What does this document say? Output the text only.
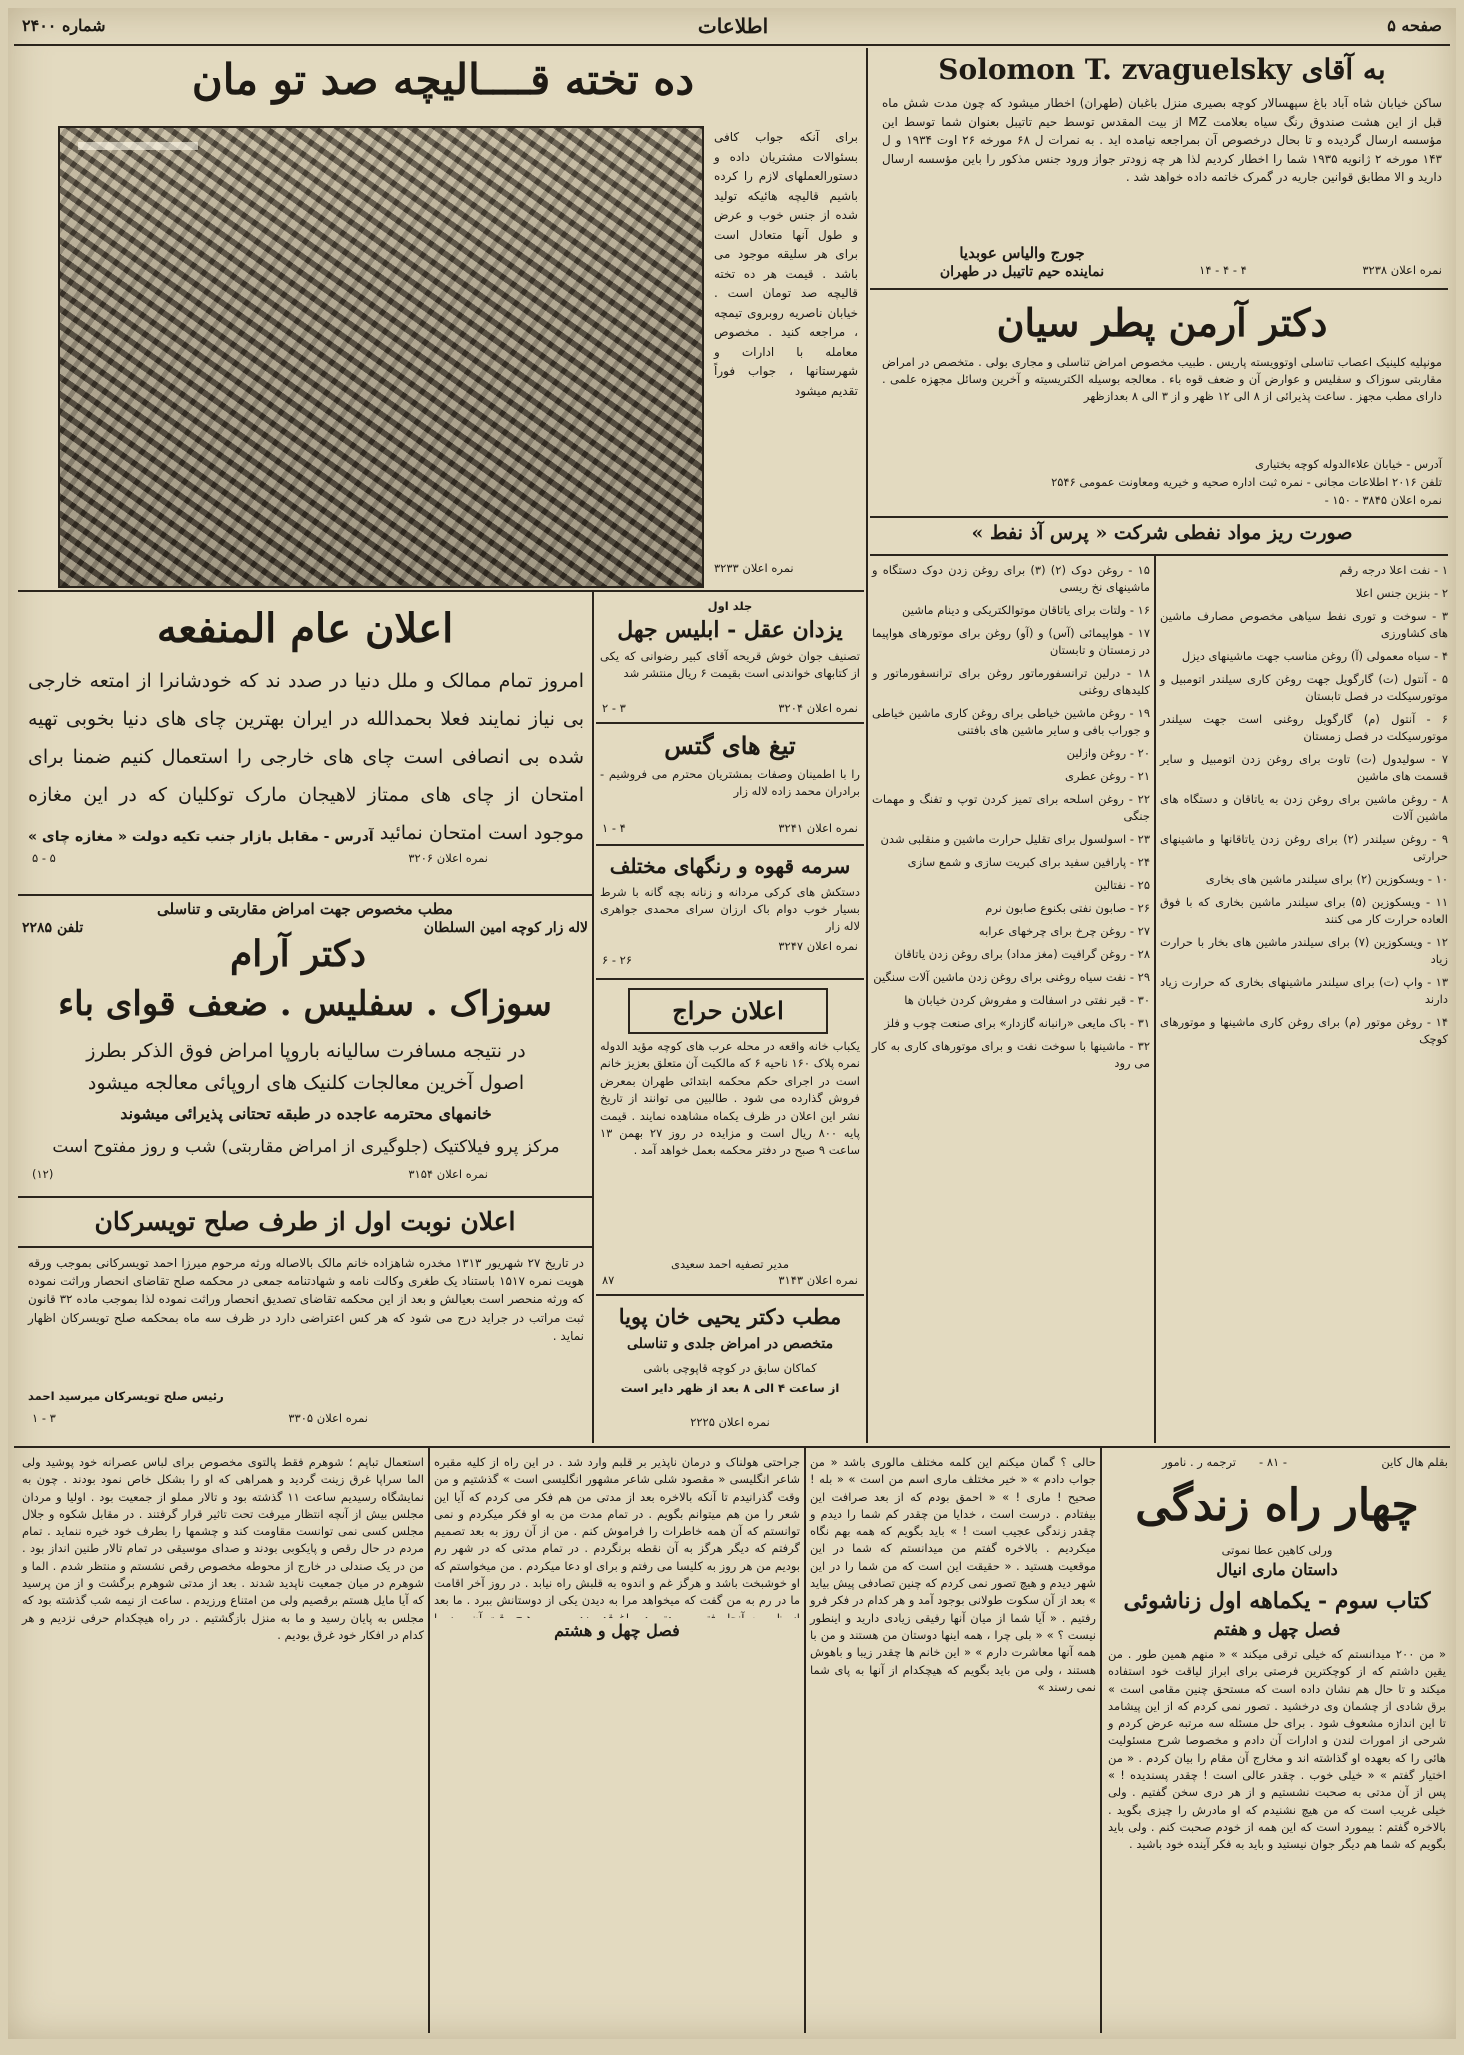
صفحه ۵
اطلاعات
شماره ۲۴۰۰
ده تخته قــــالیچه صد تو مان
برای آنکه جواب کافی بسئوالات مشتریان داده و دستورالعملهای لازم را کرده باشیم قالیچه هائیکه تولید شده از جنس خوب و عرض و طول آنها متعادل است برای هر سلیقه موجود می باشد . قیمت هر ده تخته قالیچه صد تومان است . خیابان ناصریه روبروی تیمچه ، مراجعه کنید . مخصوص معامله با ادارات و شهرستانها ، جواب فوراً تقدیم میشود
نمره اعلان ۳۲۳۳
به آقای Solomon T. zvaguelsky
ساکن خیابان شاه آباد باغ سپهسالار کوچه بصیری منزل باغبان (طهران) اخطار میشود که چون مدت شش ماه قبل از این هشت صندوق رنگ سیاه بعلامت MZ از بیت المقدس توسط حیم تاتیبل بعنوان شما توسط این مؤسسه ارسال گردیده و تا بحال درخصوص آن بمراجعه نیامده اید . به نمرات ل ۶۸ مورخه ۲۶ اوت ۱۹۳۴ و ل ۱۴۳ مورخه ۲ ژانویه ۱۹۳۵ شما را اخطار کردیم لذا هر چه زودتر جواز ورود جنس مذکور را باین مؤسسه ارسال دارید و الا مطابق قوانین جاریه در گمرک خاتمه داده خواهد شد .
جورج والیاس عوبدیا
نماینده حیم تاتیبل در طهران	۱۴ - ۴ - ۴	نمره اعلان ۳۲۳۸
دکتر آرمن پطر سیان
مونپلیه کلینیک اعصاب تناسلی اوتوویسته پاریس . طبیب مخصوص امراض تناسلی و مجاری بولی . متخصص در امراض مقاربتی سوزاک و سفلیس و عوارض آن و ضعف قوه باء . معالجه بوسیله الکتریسیته و آخرین وسائل مجهزه علمی . دارای مطب مجهز . ساعت پذیرائی از ۸ الی ۱۲ ظهر و از ۳ الی ۸ بعدازظهر
آدرس - خیابان علاءالدوله کوچه بختیاری
تلفن ۲۰۱۶ اطلاعات مجانی - نمره ثبت اداره صحیه و خیریه ومعاونت عمومی ۲۵۴۶
نمره اعلان ۳۸۴۵ - ۱۵۰ -
صورت ریز مواد نفطی شرکت « پرس آذ نفط »
۱ - نفت اعلا درجه رقم
۲ - بنزین جنس اعلا
۳ - سوخت و توری نفط سیاهی مخصوص مصارف ماشین های کشاورزی
۴ - سیاه معمولی (آ) روغن مناسب جهت ماشینهای دیزل
۵ - آنتول (ت) گارگویل جهت روغن کاری سیلندر اتومبیل و موتورسیکلت در فصل تابستان
۶ - آنتول (م) گارگویل روغنی است جهت سیلندر موتورسیکلت در فصل زمستان
۷ - سولیدول (ت) تاوت برای روغن زدن اتومبیل و سایر قسمت های ماشین
۸ - روغن ماشین برای روغن زدن به یاتاقان و دستگاه های ماشین آلات
۹ - روغن سیلندر (۲) برای روغن زدن یاتاقانها و ماشینهای حرارتی
۱۰ - ویسکوزین (۲) برای سیلندر ماشین های بخاری
۱۱ - ویسکوزین (۵) برای سیلندر ماشین بخاری که با فوق العاده حرارت کار می کنند
۱۲ - ویسکوزین (۷) برای سیلندر ماشین های بخار با حرارت زیاد
۱۳ - واپ (ت) برای سیلندر ماشینهای بخاری که حرارت زیاد دارند
۱۴ - روغن موتور (م) برای روغن کاری ماشینها و موتورهای کوچک
۱۵ - روغن دوک (۲) (۳) برای روغن زدن دوک دستگاه و ماشینهای نخ ریسی
۱۶ - ولتات برای یاتاقان موتوالکتریکی و دینام ماشین
۱۷ - هواپیمائی (آس) و (آو) روغن برای موتورهای هواپیما در زمستان و تابستان
۱۸ - درلین ترانسفورماتور روغن برای ترانسفورماتور و کلیدهای روغنی
۱۹ - روغن ماشین خیاطی برای روغن کاری ماشین خیاطی و جوراب بافی و سایر ماشین های بافتنی
۲۰ - روغن وازلین
۲۱ - روغن عطری
۲۲ - روغن اسلحه برای تمیز کردن توپ و تفنگ و مهمات جنگی
۲۳ - اسولسول برای تقلیل حرارت ماشین و منقلبی شدن
۲۴ - پارافین سفید برای کبریت سازی و شمع سازی
۲۵ - نفتالین
۲۶ - صابون نفتی بکنوع صابون نرم
۲۷ - روغن چرخ برای چرخهای عرابه
۲۸ - روغن گرافیت (مغز مداد) برای روغن زدن یاتاقان
۲۹ - نفت سیاه روغنی برای روغن زدن ماشین آلات سنگین
۳۰ - قیر نفتی در اسفالت و مفروش کردن خیابان ها
۳۱ - باک مایعی «رانبانه گازدار» برای صنعت چوب و فلز
۳۲ - ماشینها با سوخت نفت و برای موتورهای کاری به کار می رود
جلد اول
یزدان عقل - ابلیس جهل
تصنیف جوان خوش قریحه آقای کبیر رضوانی که یکی از کتابهای خواندنی است بقیمت ۶ ریال منتشر شد
نمره اعلان ۳۲۰۴
۲ - ۳
تیغ های گتس
را با اطمینان وصفات بمشتریان محترم می فروشیم - برادران محمد زاده لاله زار
نمره اعلان ۳۲۴۱
۱ - ۴
سرمه قهوه و رنگهای مختلف
دستکش های کرکی مردانه و زنانه بچه گانه با شرط بسیار خوب دوام باک ارزان سرای محمدی جواهری لاله زار
نمره اعلان ۳۲۴۷
۶ - ۲۶
اعلان حراج
یکباب خانه واقعه در محله عرب های کوچه مؤید الدوله نمره پلاک ۱۶۰ ناحیه ۶ که مالکیت آن متعلق بعزیز خانم است در اجرای حکم محکمه ابتدائی طهران بمعرض فروش گذارده می شود . طالبین می توانند از تاریخ نشر این اعلان در ظرف یکماه مشاهده نمایند . قیمت پایه ۸۰۰ ریال است و مزایده در روز ۲۷ بهمن ۱۳ ساعت ۹ صبح در دفتر محکمه بعمل خواهد آمد .
مدیر تصفیه احمد سعیدی
نمره اعلان ۳۱۴۳
۸۷
مطب دکتر یحیی خان پویا
متخصص در امراض جلدی و تناسلی
کماکان سابق در کوچه قاپوچی باشی
از ساعت ۴ الی ۸ بعد از ظهر دایر است
نمره اعلان ۲۲۲۵
اعلان عام المنفعه
امروز تمام ممالک و ملل دنیا در صدد ند که خودشانرا از امتعه خارجی بی نیاز نمایند فعلا بحمدالله در ایران بهترین چای های دنیا بخوبی تهیه شده بی انصافی است چای های خارجی را استعمال کنیم ضمنا برای امتحان از چای های ممتاز لاهیجان مارک توکلیان که در این مغازه موجود است امتحان نمائید .
آدرس - مقابل بازار جنب تکیه دولت « مغازه چای »
نمره اعلان ۳۲۰۶
۵ - ۵
مطب مخصوص جهت امراض مقاربتی و تناسلی
لاله زار کوچه امین السلطان
تلفن ۲۲۸۵
دکتر آرام
سوزاک . سفلیس . ضعف قوای باء
در نتیجه مسافرت سالیانه باروپا امراض فوق الذکر بطرز
اصول آخرین معالجات کلنیک های اروپائی معالجه میشود
خانمهای محترمه عاجده در طبقه تحتانی پذیرائی میشوند
مرکز پرو فیلاکتیک (جلوگیری از امراض مقاربتی) شب و روز مفتوح است
نمره اعلان ۳۱۵۴
(۱۲)
اعلان نوبت اول از طرف صلح تویسرکان
در تاریخ ۲۷ شهریور ۱۳۱۳ مخدره شاهزاده خانم مالک بالاصاله ورثه مرحوم میرزا احمد تویسرکانی بموجب ورقه هویت نمره ۱۵۱۷ باستناد یک طغری وکالت نامه و شهادتنامه جمعی در محکمه صلح تقاضای انحصار وراثت نموده که ورثه منحصر است بعیالش و بعد از این محکمه تقاضای تصدیق انحصار وراثت نموده لذا بموجب ماده ۳۲ قانون ثبت مراتب در جراید درج می شود که هر کس اعتراضی دارد در ظرف سه ماه بمحکمه صلح تویسرکان اظهار نماید .
رئیس صلح تویسرکان میرسید احمد
نمره اعلان ۳۳۰۵
۱ - ۳
ترجمه ر . نامور	- ۸۱ -	بقلم هال کاین
چهار راه زندگی
ورلی کاهین عطا نموتی
داستان ماری انیال
کتاب سوم - یکماهه اول زناشوئی
فصل چهل و هفتم
« من ۲۰۰ میدانستم که خیلی ترقی میکند » « منهم همین طور . من یقین داشتم که از کوچکترین فرصتی برای ابراز لیاقت خود استفاده میکند و تا حال هم نشان داده است که مستحق چنین مقامی است » برق شادی از چشمان وی درخشید . تصور نمی کردم که از این پیشامد تا این اندازه مشعوف شود . برای حل مسئله سه مرتبه عرض کردم و شرحی از امورات لندن و ادارات آن دادم و مخصوصا شرح مسئولیت هائی را که بعهده او گذاشته اند و مخارج آن مقام را بیان کردم . « من اختیار گفتم » « خیلی خوب . چقدر عالی است ! چقدر پسندیده ! » پس از آن مدتی به صحبت نشستیم و از هر دری سخن گفتیم . ولی خیلی غریب است که من هیچ نشنیدم که او مادرش را چیزی بگوید . بالاخره گفتم : بیمورد است که این همه از خودم صحبت کنم . ولی باید بگویم که شما هم دیگر جوان نیستید و باید به فکر آینده خود باشید .
حالی ؟ گمان میکنم این کلمه مختلف مالوری باشد « من جواب دادم » « خیر مختلف ماری اسم من است » « بله ! صحیح ! ماری ! » « احمق بودم که از بعد صرافت این بیفتادم . درست است ، خدایا من چقدر کم شما را دیدم و چقدر زندگی عجیب است ! » باید بگویم که همه بهم نگاه میکردیم . بالاخره گفتم من میدانستم که شما در این موقعیت هستید . « حقیقت این است که من شما را در این شهر دیدم و هیچ تصور نمی کردم که چنین تصادفی پیش بیاید » بعد از آن سکوت طولانی بوجود آمد و هر کدام در فکر فرو رفتیم . « آیا شما از میان آنها رفیقی زیادی دارید و اینطور نیست ؟ » « بلی چرا ، همه اینها دوستان من هستند و من با همه آنها معاشرت دارم » « این خانم ها چقدر زیبا و باهوش هستند ، ولی من باید بگویم که هیچکدام از آنها به پای شما نمی رسند »
جراحتی هولناک و درمان ناپذیر بر قلبم وارد شد . در این راه از کلیه مقبره شاعر انگلیسی « مقصود شلی شاعر مشهور انگلیسی است » گذشتیم و من وقت گذرانیدم تا آنکه بالاخره بعد از مدتی من هم فکر می کردم که آیا این شعر را من هم میتوانم بگویم . در تمام مدت من به او فکر میکردم و نمی توانستم که آن همه خاطرات را فراموش کنم . من از آن روز به بعد تصمیم گرفتم که دیگر هرگز به آن نقطه برنگردم . در تمام مدتی که در شهر رم بودیم من هر روز به کلیسا می رفتم و برای او دعا میکردم . من میخواستم که او خوشبخت باشد و هرگز غم و اندوه به قلبش راه نیابد . در روز آخر اقامت ما در رم به من گفت که میخواهد مرا به دیدن یکی از دوستانش ببرد . ما بعد
فصل چهل و هشتم
استعمال تباپم ؛ شوهرم فقط پالتوی مخصوص برای لباس عصرانه خود پوشید ولی الما سراپا غرق زینت گردید و همراهی که او را بشکل خاص نمود بودند . چون به نمایشگاه رسیدیم ساعت ۱۱ گذشته بود و تالار مملو از جمعیت بود . اولیا و مردان مجلس بیش از آنچه انتظار میرفت تحت تاثیر قرار گرفتند . در مقابل شکوه و جلال مجلس کسی نمی توانست مقاومت کند و چشمها را بطرف خود خیره ننماید . تمام مردم در حال رقص و پایکوبی بودند و صدای موسیقی در تمام تالار طنین انداز بود . من در یک صندلی در خارج از محوطه مخصوص رقص نشستم و منتظر شدم . الما و شوهرم در میان جمعیت ناپدید شدند . بعد از مدتی شوهرم برگشت و از من پرسید که آیا مایل هستم برقصیم ولی من امتناع ورزیدم . ساعت از نیمه شب گذشته بود که مجلس به پایان رسید و ما به منزل بازگشتیم . در راه هیچکدام حرفی نزدیم و هر کدام در افکار خود غرق بودیم .
